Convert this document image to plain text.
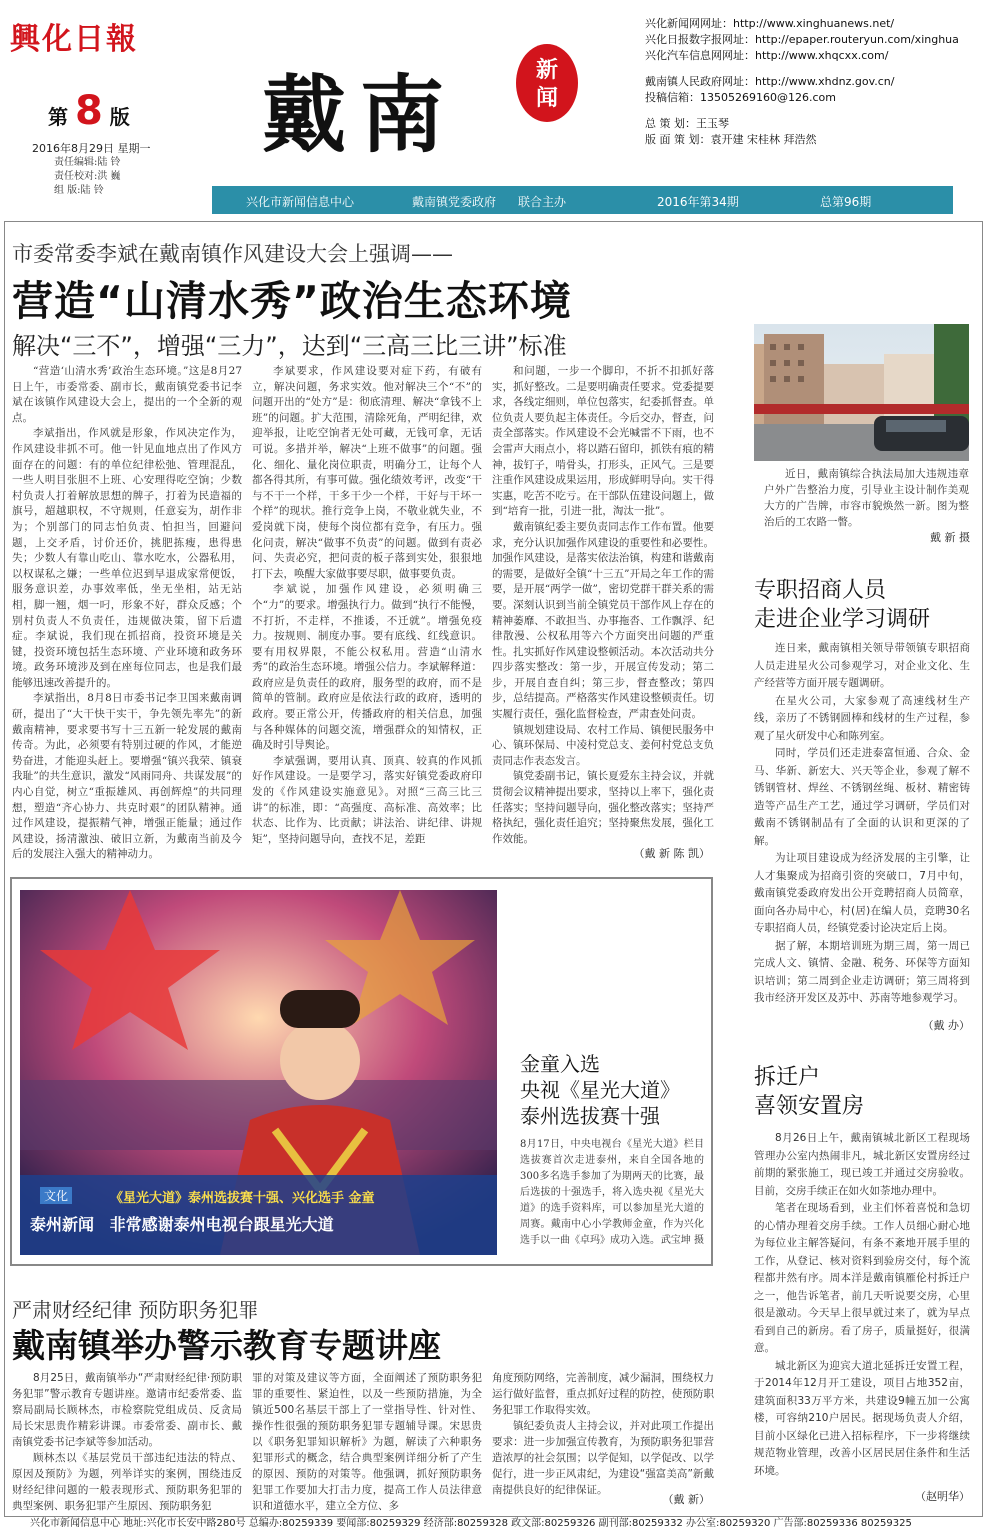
興化日報
第 8 版
2016年8月29日 星期一
责任编辑:陆 铃
责任校对:洪 巍
组 版:陆 铃
戴南	新闻

兴化新闻网网址：http://www.xinghuanews.net/

兴化日报数字报网址：http://epaper.routeryun.com/xinghua

兴化汽车信息网网址：http://www.xhqcxx.com/

戴南镇人民政府网址：http://www.xhdnz.gov.cn/

投稿信箱：13505269160@126.com

总 策 划：王玉琴

版 面 策 划：袁开建 宋桂林 拜浩然

兴化市新闻信息中心	戴南镇党委政府 联合主办	2016年第34期	总第96期
市委常委李斌在戴南镇作风建设大会上强调——
营造“山清水秀”政治生态环境
解决“三不”，增强“三力”，达到“三高三比三讲”标准

“营造‘山清水秀’政治生态环境。”这是8月27日上午，市委常委、副市长，戴南镇党委书记李斌在该镇作风建设大会上，提出的一个全新的观点。

李斌指出，作风就是形象，作风决定作为，作风建设非抓不可。他一针见血地点出了作风方面存在的问题：有的单位纪律松弛、管理混乱，一些人明目张胆不上班、心安理得吃空饷；少数村负责人打着解放思想的牌子，打着为民造福的旗号，超越职权，不守规则，任意妄为，胡作非为；个别部门的同志怕负责、怕担当，回避问题，上交矛盾，讨价还价，挑肥拣瘦，患得患失；少数人有靠山吃山、靠水吃水，公器私用，以权谋私之嫌；一些单位迟到早退成家常便饭，服务意识差，办事效率低，坐无坐相，站无站相，脚一翘，烟一叼，形象不好，群众反感；个别村负责人不负责任，违规做决策，留下后遗症。李斌说，我们现在抓招商，投资环境是关键，投资环境包括生态环境、产业环境和政务环境。政务环境涉及到在座每位同志，也是我们最能够迅速改善提升的。

李斌指出，8月8日市委书记李卫国来戴南调研，提出了“大干快干实干，争先领先率先”的新戴南精神，要求要书写十三五新一轮发展的戴南传奇。为此，必须要有特别过硬的作风，才能逆势奋进，才能迎头赶上。要增强“镇兴我荣、镇衰我耻”的共生意识，激发“风雨同舟、共谋发展”的内心自觉，树立“重振雄风、再创辉煌”的共同理想，塑造“齐心协力、共克时艰”的团队精神。通过作风建设，提振精气神，增强正能量；通过作风建设，扬清激浊、破旧立新，为戴南当前及今后的发展注入强大的精神动力。

李斌要求，作风建设要对症下药，有破有立，解决问题，务求实效。他对解决三个“不”的问题开出的“处方”是：彻底清理、解决“拿钱不上班”的问题。扩大范围，清除死角，严明纪律，欢迎举报，让吃空饷者无处可藏，无钱可拿，无话可说。多措并举，解决“上班不做事”的问题。强化、细化、量化岗位职责，明确分工，让每个人都各得其所，有事可做。强化绩效考评，改变“干与不干一个样，干多干少一个样，干好与干坏一个样”的现状。推行竞争上岗，不敬业就失业，不爱岗就下岗，使每个岗位都有竞争，有压力。强化问责，解决“做事不负责”的问题。做到有责必问、失责必究，把问责的板子落到实处，狠狠地打下去，唤醒大家做事要尽职，做事要负责。

李斌说，加强作风建设，必须明确三个“力”的要求。增强执行力。做到“执行不能慢，不打折，不走样，不推诿，不迁就”。增强免疫力。按规则、制度办事。要有底线、红线意识。要有用权界限，不能公权私用。营造“山清水秀”的政治生态环境。增强公信力。李斌解释道：政府应是负责任的政府，服务型的政府，而不是简单的管制。政府应是依法行政的政府，透明的政府。要正常公开，传播政府的相关信息，加强与各种媒体的问题交流，增强群众的知情权，正确及时引导舆论。

李斌强调，要用认真、顶真、较真的作风抓好作风建设。一是要学习，落实好镇党委政府印发的《作风建设实施意见》。对照“三高三比三讲”的标准，即：“高强度、高标准、高效率；比状态、比作为、比贡献；讲法治、讲纪律、讲规矩”，坚持问题导向，查找不足，差距

和问题，一步一个脚印，不折不扣抓好落实，抓好整改。二是要明确责任要求。党委提要求，各线定细则，单位包落实，纪委抓督查。单位负责人要负起主体责任。今后交办，督查，问责全部落实。作风建设不会光喊雷不下雨，也不会雷声大雨点小，将以踏石留印，抓铁有痕的精神，拔钉子，啃骨头，打形头，正风气。三是要注重作风建设成果运用，形成鲜明导向。实干得实惠，吃苦不吃亏。在干部队伍建设问题上，做到“培育一批，引进一批，淘汰一批”。

戴南镇纪委主要负责同志作工作布置。他要求，充分认识加强作风建设的重要性和必要性。加强作风建设，是落实依法治镇，构建和谐戴南的需要，是做好全镇“十三五”开局之年工作的需要，是开展“两学一做”，密切党群干群关系的需要。深刻认识到当前全镇党员干部作风上存在的精神萎靡、不敢担当、办事拖沓、工作飘浮、纪律散漫、公权私用等六个方面突出问题的严重性。扎实抓好作风建设整顿活动。本次活动共分四步落实整改：第一步，开展宣传发动；第二步，开展自查自纠；第三步，督查整改；第四步，总结提高。严格落实作风建设整顿责任。切实履行责任，强化监督检查，严肃查处问责。

镇规划建设局、农村工作局、镇便民服务中心、镇环保局、中凌村党总支、姜何村党总支负责同志作表态发言。

镇党委副书记，镇长夏爱东主持会议，并就贯彻会议精神提出要求，坚持以上率下，强化责任落实；坚持问题导向，强化整改落实；坚持严格执纪，强化责任追究；坚持聚焦发展，强化工作效能。

（戴 新 陈 凯）

近日，戴南镇综合执法局加大违规违章户外广告整治力度，引导业主设计制作美观大方的广告牌，市容市貌焕然一新。图为整治后的工农路一瞥。

戴 新 摄
专职招商人员
走进企业学习调研

连日来，戴南镇相关领导带领镇专职招商人员走进星火公司参观学习，对企业文化、生产经营等方面开展专题调研。

在星火公司，大家参观了高速线材生产线，亲历了不锈钢圆棒和线材的生产过程，参观了星火研发中心和陈列室。

同时，学员们还走进泰富恒通、合众、金马、华新、新宏大、兴天等企业，参观了解不锈钢管材、焊丝、不锈钢丝绳、板材、精密铸造等产品生产工艺，通过学习调研，学员们对戴南不锈钢制品有了全面的认识和更深的了解。

为让项目建设成为经济发展的主引擎，让人才集聚成为招商引资的突破口，7月中旬，戴南镇党委政府发出公开竞聘招商人员简章，面向各办局中心，村(居)在编人员，竞聘30名专职招商人员，经镇党委讨论决定后上岗。

据了解，本期培训班为期三周，第一周已完成人文、镇情、金融、税务、环保等方面知识培训；第二周到企业走访调研；第三周将到我市经济开发区及苏中、苏南等地参观学习。

（戴 办）
拆迁户
喜领安置房

8月26日上午，戴南镇城北新区工程现场管理办公室内热闹非凡，城北新区安置房经过前期的紧张施工，现已竣工并通过交房验收。目前，交房手续正在如火如荼地办理中。

笔者在现场看到，业主们怀着喜悦和急切的心情办理着交房手续。工作人员细心耐心地为每位业主解答疑问，有条不紊地开展手里的工作，从登记、核对资料到验房交付，每个流程都井然有序。周本洋是戴南镇雁伦村拆迁户之一，他告诉笔者，前几天听说要交房，心里很是激动。今天早上很早就过来了，就为早点看到自己的新房。看了房子，质量挺好，很满意。

城北新区为迎宾大道北延拆迁安置工程，于2014年12月开工建设，项目占地352亩，建筑面积33万平方米，共建设9幢五加一公寓楼，可容纳210户居民。据现场负责人介绍，目前小区绿化已进入招标程序，下一步将继续规范物业管理，改善小区居民居住条件和生活环境。

（赵明华）
文化	《星光大道》泰州选拔赛十强、兴化选手 金童
泰州新闻 非常感谢泰州电视台跟星光大道
金童入选
央视《星光大道》
泰州选拔赛十强
8月17日，中央电视台《星光大道》栏目选拔赛首次走进泰州，来自全国各地的300多名选手参加了为期两天的比赛，最后选拔的十强选手，将入选央视《星光大道》的选手资料库，可以参加星光大道的周赛。戴南中心小学教师金童，作为兴化选手以一曲《卓玛》成功入选。 武宝坤 摄
严肃财经纪律 预防职务犯罪
戴南镇举办警示教育专题讲座

8月25日，戴南镇举办“严肃财经纪律·预防职务犯罪”警示教育专题讲座。邀请市纪委常委、监察局副局长顾林杰，市检察院党组成员、反贪局局长宋思贵作精彩讲课。市委常委、副市长、戴南镇党委书记李斌等参加活动。

顾林杰以《基层党员干部违纪违法的特点、原因及预防》为题，列举详实的案例，围绕违反财经纪律问题的一般表现形式、预防职务犯罪的典型案例、职务犯罪产生原因、预防职务犯

罪的对策及建议等方面，全面阐述了预防职务犯罪的重要性、紧迫性，以及一些预防措施，为全镇近500名基层干部上了一堂指导性、针对性、操作性很强的预防职务犯罪专题辅导课。宋思贵以《职务犯罪知识解析》为题，解读了六种职务犯罪形式的概念，结合典型案例详细分析了产生的原因、预防的对策等。他强调，抓好预防职务犯罪工作要加大打击力度，提高工作人员法律意识和道德水平，建立全方位、多

角度预防网络，完善制度，减少漏洞，围绕权力运行做好监督，重点抓好过程的防控，使预防职务犯罪工作取得实效。

镇纪委负责人主持会议，并对此项工作提出要求：进一步加强宣传教育，为预防职务犯罪营造浓厚的社会氛围；以学促知，以学促改、以学促行，进一步正风肃纪，为建设“强富美高”新戴南提供良好的纪律保证。

（戴 新）
兴化市新闻信息中心 地址:兴化市长安中路280号 总编办:80259339 要闻部:80259329 经济部:80259328 政文部:80259326 副刊部:80259332 办公室:80259320 广告部:80259336 80259325
